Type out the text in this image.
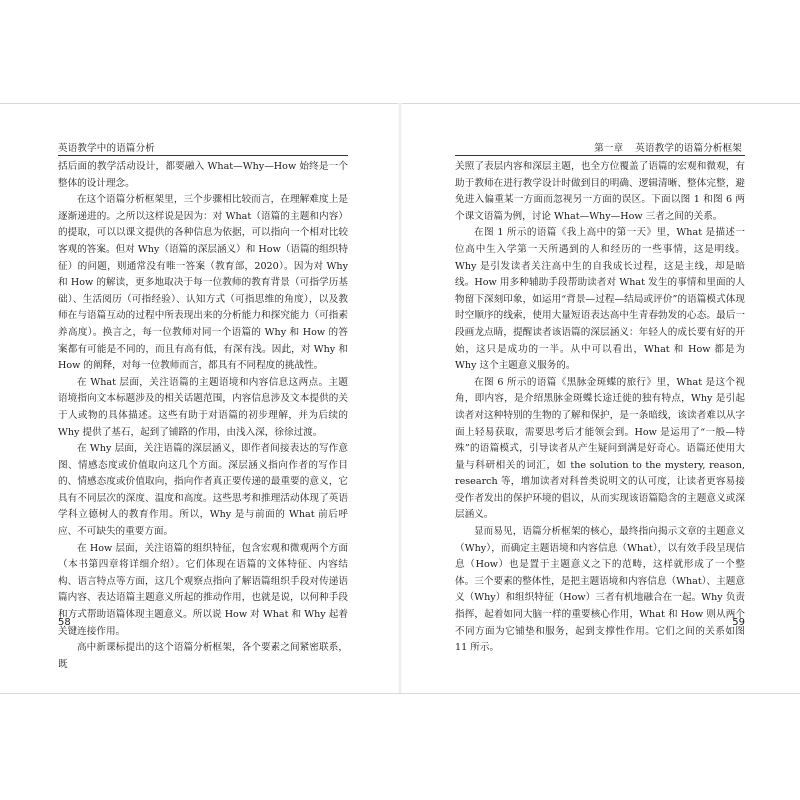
英语教学中的语篇分析

括后面的教学活动设计，都要融入 What—Why—How 始终是一个整体的设计理念。

在这个语篇分析框架里，三个步骤相比较而言，在理解难度上是逐渐递进的。之所以这样说是因为：对 What（语篇的主题和内容）的提取，可以以课文提供的各种信息为依据，可以指向一个相对比较客观的答案。但对 Why（语篇的深层涵义）和 How（语篇的组织特征）的问题，则通常没有唯一答案（教育部，2020）。因为对 Why 和 How 的解读，更多地取决于每一位教师的教育背景（可指学历基础）、生活阅历（可指经验）、认知方式（可指思维的角度），以及教师在与语篇互动的过程中所表现出来的分析能力和探究能力（可指素养高度）。换言之，每一位教师对同一个语篇的 Why 和 How 的答案都有可能是不同的，而且有高有低，有深有浅。因此，对 Why 和 How 的阐释，对每一位教师而言，都具有不同程度的挑战性。

在 What 层面，关注语篇的主题语境和内容信息这两点。主题语境指向文本标题涉及的相关话题范围，内容信息涉及文本提供的关于人或物的具体描述。这些有助于对语篇的初步理解，并为后续的 Why 提供了基石，起到了铺路的作用，由浅入深，徐徐过渡。

在 Why 层面，关注语篇的深层涵义，即作者间接表达的写作意图、情感态度或价值取向这几个方面。深层涵义指向作者的写作目的、情感态度或价值取向，指向作者真正要传递的最重要的意义，它具有不同层次的深度、温度和高度。这些思考和推理活动体现了英语学科立德树人的教育作用。所以，Why 是与前面的 What 前后呼应、不可缺失的重要方面。

在 How 层面，关注语篇的组织特征，包含宏观和微观两个方面（本书第四章将详细介绍）。它们体现在语篇的文体特征、内容结构、语言特点等方面，这几个观察点指向了解语篇组织手段对传递语篇内容、表达语篇主题意义所起的推动作用，也就是说，以何种手段和方式帮助语篇体现主题意义。所以说 How 对 What 和 Why 起着关键连接作用。

高中新课标提出的这个语篇分析框架，各个要素之间紧密联系，既

58
第一章 英语教学的语篇分析框架

关照了表层内容和深层主题，也全方位覆盖了语篇的宏观和微观，有助于教师在进行教学设计时做到目的明确、逻辑清晰、整体完整，避免进入偏重某一方面而忽视另一方面的误区。下面以图 1 和图 6 两个课文语篇为例，讨论 What—Why—How 三者之间的关系。

在图 1 所示的语篇《我上高中的第一天》里，What 是描述一位高中生入学第一天所遇到的人和经历的一些事情，这是明线。Why 是引发读者关注高中生的自我成长过程，这是主线，却是暗线。How 用多种辅助手段帮助读者对 What 发生的事情和里面的人物留下深刻印象，如运用“背景—过程—结局或评价”的语篇模式体现时空顺序的线索，使用大量短语表达高中生青春勃发的心态。最后一段画龙点睛，提醒读者该语篇的深层涵义：年轻人的成长要有好的开始，这只是成功的一半。从中可以看出，What 和 How 都是为 Why 这个主题意义服务的。

在图 6 所示的语篇《黑脉金斑蝶的旅行》里，What 是这个视角，即内容，是介绍黑脉金斑蝶长途迁徙的独有特点，Why 是引起读者对这种特别的生物的了解和保护，是一条暗线，该读者难以从字面上轻易获取，需要思考后才能领会到。How 是运用了“一般—特殊”的语篇模式，引导读者从产生疑问到满是好奇心。语篇还使用大量与科研相关的词汇，如 the solution to the mystery, reason, research 等，增加读者对科普类说明文的认可度，让读者更容易接受作者发出的保护环境的倡议，从而实现该语篇隐含的主题意义或深层涵义。

显而易见，语篇分析框架的核心，最终指向揭示文章的主题意义（Why），而确定主题语境和内容信息（What），以有效手段呈现信息（How）也是置于主题意义之下的范畴，这样就形成了一个整体。三个要素的整体性，是把主题语境和内容信息（What）、主题意义（Why）和组织特征（How）三者有机地融合在一起。Why 负责指挥，起着如同大脑一样的重要核心作用，What 和 How 则从两个不同方面为它铺垫和服务，起到支撑性作用。它们之间的关系如图 11 所示。

59
